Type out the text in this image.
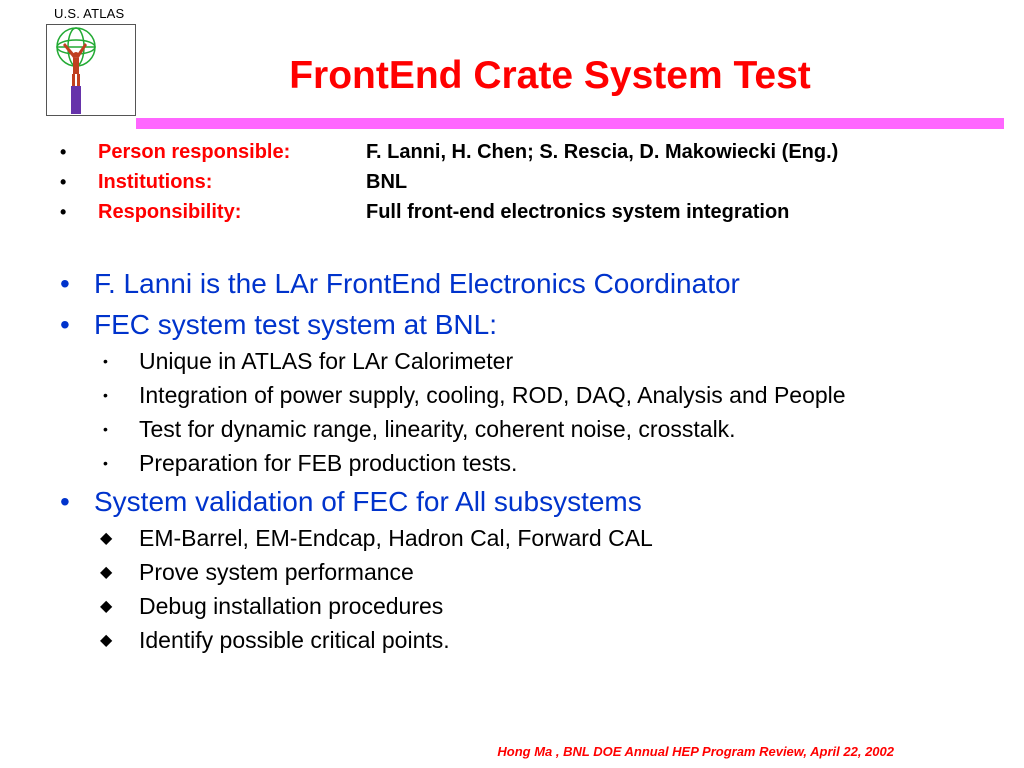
U.S. ATLAS
FrontEnd Crate System Test
• Person responsible:	F. Lanni, H. Chen; S. Rescia, D. Makowiecki (Eng.)
• Institutions:	BNL
• Responsibility:	Full front-end electronics system integration
• F. Lanni is the LAr FrontEnd Electronics Coordinator
• FEC system test system at BNL:
• Unique in ATLAS for LAr Calorimeter
• Integration of power supply, cooling, ROD, DAQ, Analysis and People
• Test for dynamic range, linearity, coherent noise, crosstalk.
• Preparation for FEB production tests.
• System validation of FEC for All subsystems
◆ EM-Barrel, EM-Endcap, Hadron Cal, Forward CAL
◆ Prove system performance
◆ Debug installation procedures
◆ Identify possible critical points.
Hong Ma , BNL DOE Annual HEP Program Review, April 22, 2002
